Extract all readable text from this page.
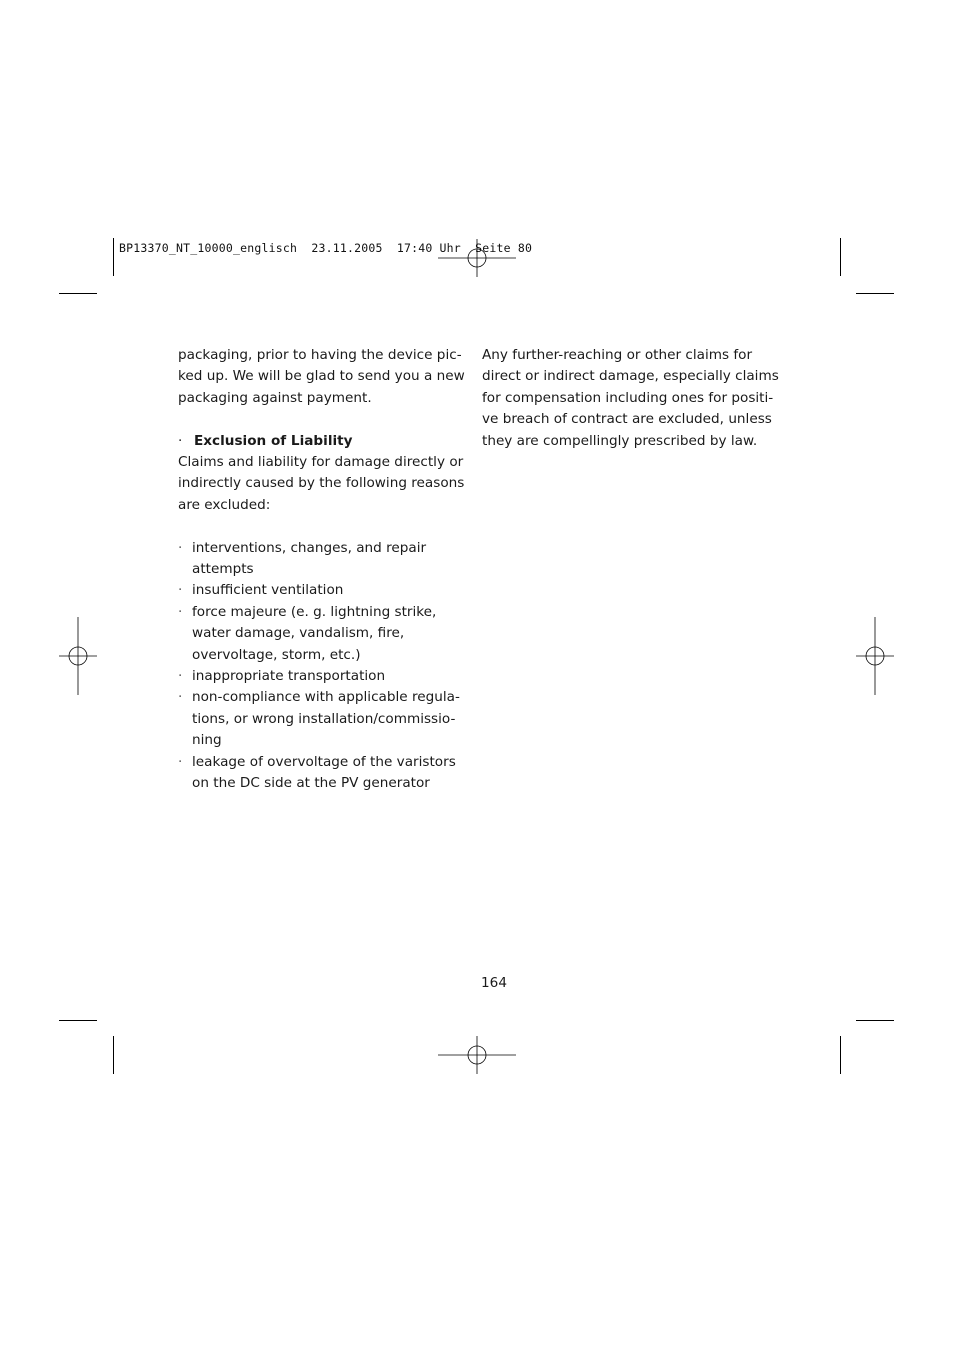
BP13370_NT_10000_englisch  23.11.2005  17:40 Uhr  Seite 80

packaging, prior to having the device pic-

ked up. We will be glad to send you a new

packaging against payment.

· Exclusion of Liability

Claims and liability for damage directly or

indirectly caused by the following reasons

are excluded:

· interventions, changes, and repair
attempts
· insufficient ventilation
· force majeure (e. g. lightning strike,
water damage, vandalism, fire,
overvoltage, storm, etc.)
· inappropriate transportation
· non-compliance with applicable regula-
tions, or wrong installation/commissio-
ning
· leakage of overvoltage of the varistors
on the DC side at the PV generator

Any further-reaching or other claims for

direct or indirect damage, especially claims

for compensation including ones for positi-

ve breach of contract are excluded, unless

they are compellingly prescribed by law.

164
